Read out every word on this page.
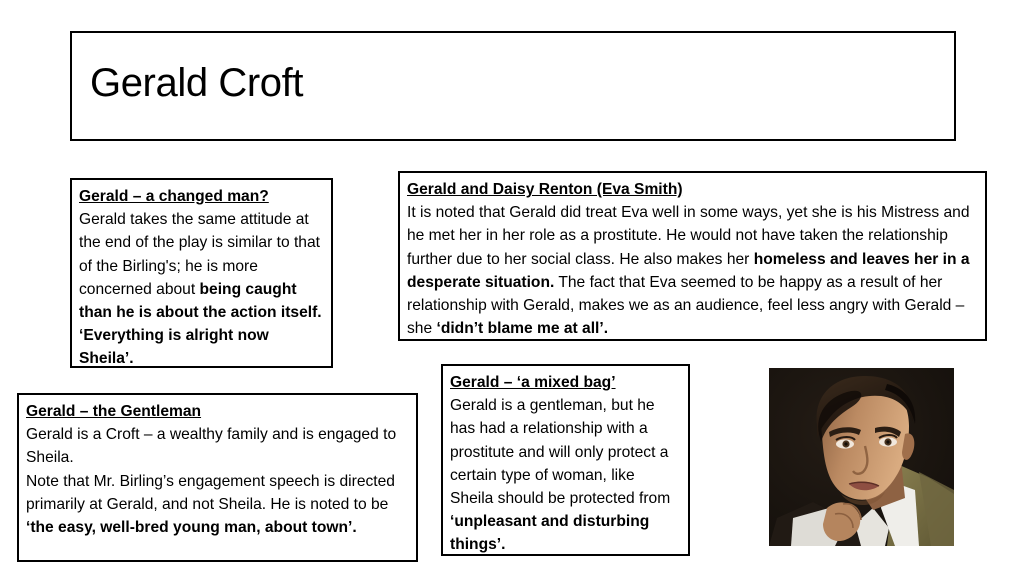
Gerald Croft

Gerald – a changed man?
Gerald takes the same attitude at the end of the play is similar to that of the Birling's; he is more concerned about being caught than he is about the action itself. ‘Everything is alright now Sheila’.

Gerald and Daisy Renton (Eva Smith)
It is noted that Gerald did treat Eva well in some ways, yet she is his Mistress and he met her in her role as a prostitute. He would not have taken the relationship further due to her social class. He also makes her homeless and leaves her in a desperate situation. The fact that Eva seemed to be happy as a result of her relationship with Gerald, makes we as an audience, feel less angry with Gerald – she ‘didn’t blame me at all’.

Gerald – the Gentleman
Gerald is a Croft – a wealthy family and is engaged to Sheila.

Note that Mr. Birling’s engagement speech is directed primarily at Gerald, and not Sheila. He is noted to be ‘the easy, well-bred young man, about town’.

Gerald – ‘a mixed bag’
Gerald is a gentleman, but he has had a relationship with a prostitute and will only protect a certain type of woman, like Sheila should be protected from ‘unpleasant and disturbing things’.
